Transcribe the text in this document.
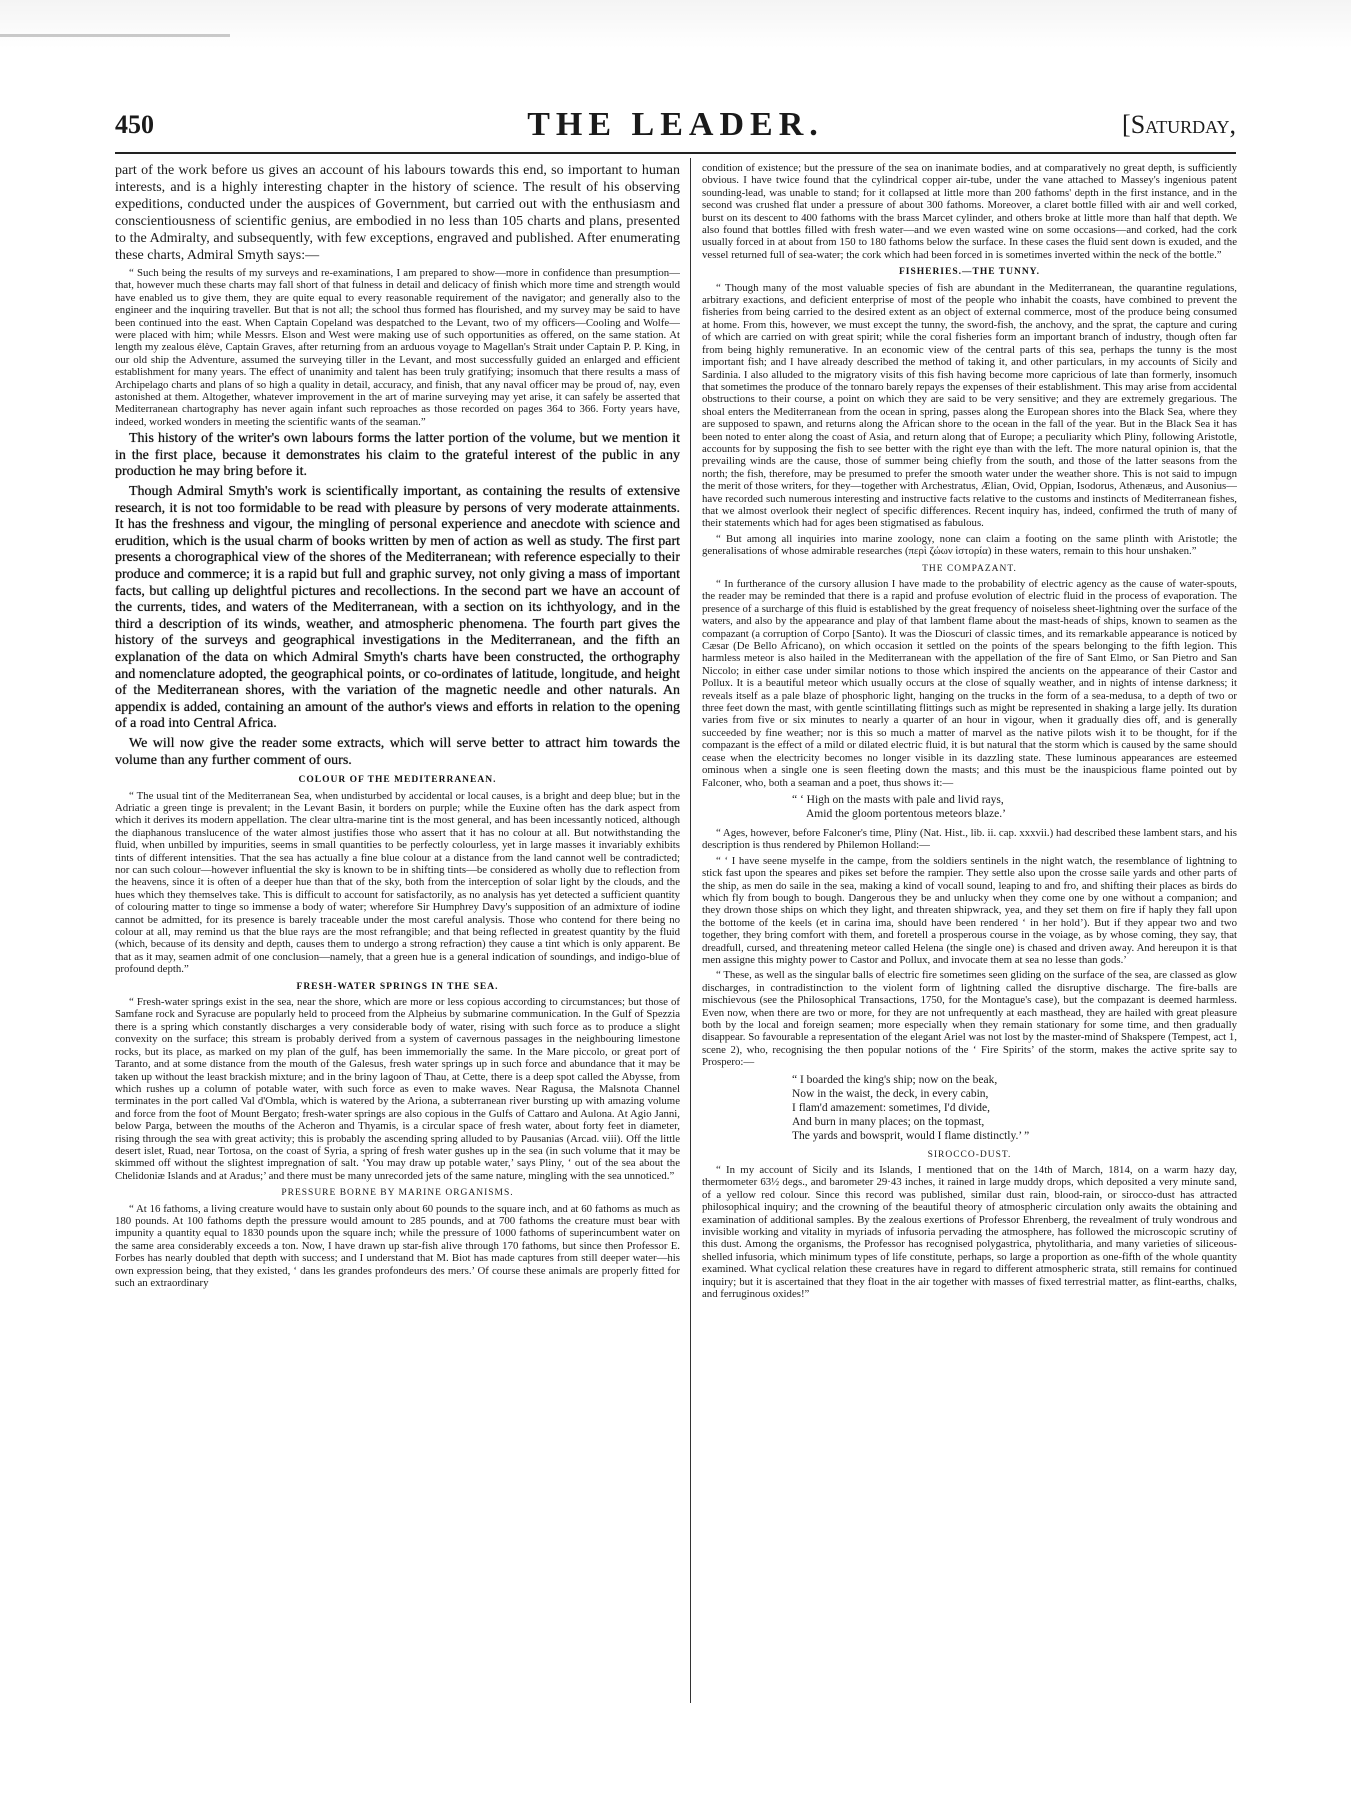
450	THE LEADER.	[Saturday,

part of the work before us gives an account of his labours towards this end, so important to human interests, and is a highly interesting chapter in the history of science. The result of his observing expeditions, conducted under the auspices of Government, but carried out with the enthusiasm and conscientiousness of scientific genius, are embodied in no less than 105 charts and plans, presented to the Admiralty, and subsequently, with few exceptions, engraved and published. After enumerating these charts, Admiral Smyth says:—

“ Such being the results of my surveys and re-examinations, I am prepared to show—more in confidence than presumption—that, however much these charts may fall short of that fulness in detail and delicacy of finish which more time and strength would have enabled us to give them, they are quite equal to every reasonable requirement of the navigator; and generally also to the engineer and the inquiring traveller. But that is not all; the school thus formed has flourished, and my survey may be said to have been continued into the east. When Captain Copeland was despatched to the Levant, two of my officers—Cooling and Wolfe—were placed with him; while Messrs. Elson and West were making use of such opportunities as offered, on the same station. At length my zealous élève, Captain Graves, after returning from an arduous voyage to Magellan's Strait under Captain P. P. King, in our old ship the Adventure, assumed the surveying tiller in the Levant, and most successfully guided an enlarged and efficient establishment for many years. The effect of unanimity and talent has been truly gratifying; insomuch that there results a mass of Archipelago charts and plans of so high a quality in detail, accuracy, and finish, that any naval officer may be proud of, nay, even astonished at them. Altogether, whatever improvement in the art of marine surveying may yet arise, it can safely be asserted that Mediterranean chartography has never again infant such reproaches as those recorded on pages 364 to 366. Forty years have, indeed, worked wonders in meeting the scientific wants of the seaman.”

This history of the writer's own labours forms the latter portion of the volume, but we mention it in the first place, because it demonstrates his claim to the grateful interest of the public in any production he may bring before it.

Though Admiral Smyth's work is scientifically important, as containing the results of extensive research, it is not too formidable to be read with pleasure by persons of very moderate attainments. It has the freshness and vigour, the mingling of personal experience and anecdote with science and erudition, which is the usual charm of books written by men of action as well as study. The first part presents a chorographical view of the shores of the Mediterranean; with reference especially to their produce and commerce; it is a rapid but full and graphic survey, not only giving a mass of important facts, but calling up delightful pictures and recollections. In the second part we have an account of the currents, tides, and waters of the Mediterranean, with a section on its ichthyology, and in the third a description of its winds, weather, and atmospheric phenomena. The fourth part gives the history of the surveys and geographical investigations in the Mediterranean, and the fifth an explanation of the data on which Admiral Smyth's charts have been constructed, the orthography and nomenclature adopted, the geographical points, or co-ordinates of latitude, longitude, and height of the Mediterranean shores, with the variation of the magnetic needle and other naturals. An appendix is added, containing an amount of the author's views and efforts in relation to the opening of a road into Central Africa.

We will now give the reader some extracts, which will serve better to attract him towards the volume than any further comment of ours.

COLOUR OF THE MEDITERRANEAN.

“ The usual tint of the Mediterranean Sea, when undisturbed by accidental or local causes, is a bright and deep blue; but in the Adriatic a green tinge is prevalent; in the Levant Basin, it borders on purple; while the Euxine often has the dark aspect from which it derives its modern appellation. The clear ultra-marine tint is the most general, and has been incessantly noticed, although the diaphanous translucence of the water almost justifies those who assert that it has no colour at all. But notwithstanding the fluid, when unbilled by impurities, seems in small quantities to be perfectly colourless, yet in large masses it invariably exhibits tints of different intensities. That the sea has actually a fine blue colour at a distance from the land cannot well be contradicted; nor can such colour—however influential the sky is known to be in shifting tints—be considered as wholly due to reflection from the heavens, since it is often of a deeper hue than that of the sky, both from the interception of solar light by the clouds, and the hues which they themselves take. This is difficult to account for satisfactorily, as no analysis has yet detected a sufficient quantity of colouring matter to tinge so immense a body of water; wherefore Sir Humphrey Davy's supposition of an admixture of iodine cannot be admitted, for its presence is barely traceable under the most careful analysis. Those who contend for there being no colour at all, may remind us that the blue rays are the most refrangible; and that being reflected in greatest quantity by the fluid (which, because of its density and depth, causes them to undergo a strong refraction) they cause a tint which is only apparent. Be that as it may, seamen admit of one conclusion—namely, that a green hue is a general indication of soundings, and indigo-blue of profound depth.”

FRESH-WATER SPRINGS IN THE SEA.

“ Fresh-water springs exist in the sea, near the shore, which are more or less copious according to circumstances; but those of Samfane rock and Syracuse are popularly held to proceed from the Alpheius by submarine communication. In the Gulf of Spezzia there is a spring which constantly discharges a very considerable body of water, rising with such force as to produce a slight convexity on the surface; this stream is probably derived from a system of cavernous passages in the neighbouring limestone rocks, but its place, as marked on my plan of the gulf, has been immemorially the same. In the Mare piccolo, or great port of Taranto, and at some distance from the mouth of the Galesus, fresh water springs up in such force and abundance that it may be taken up without the least brackish mixture; and in the briny lagoon of Thau, at Cette, there is a deep spot called the Abysse, from which rushes up a column of potable water, with such force as even to make waves. Near Ragusa, the Malsnota Channel terminates in the port called Val d'Ombla, which is watered by the Ariona, a subterranean river bursting up with amazing volume and force from the foot of Mount Bergato; fresh-water springs are also copious in the Gulfs of Cattaro and Aulona. At Agio Janni, below Parga, between the mouths of the Acheron and Thyamis, is a circular space of fresh water, about forty feet in diameter, rising through the sea with great activity; this is probably the ascending spring alluded to by Pausanias (Arcad. viii). Off the little desert islet, Ruad, near Tortosa, on the coast of Syria, a spring of fresh water gushes up in the sea (in such volume that it may be skimmed off without the slightest impregnation of salt. ‘You may draw up potable water,’ says Pliny, ‘ out of the sea about the Chelidoniæ Islands and at Aradus;’ and there must be many unrecorded jets of the same nature, mingling with the sea unnoticed.”

PRESSURE BORNE BY MARINE ORGANISMS.

“ At 16 fathoms, a living creature would have to sustain only about 60 pounds to the square inch, and at 60 fathoms as much as 180 pounds. At 100 fathoms depth the pressure would amount to 285 pounds, and at 700 fathoms the creature must bear with impunity a quantity equal to 1830 pounds upon the square inch; while the pressure of 1000 fathoms of superincumbent water on the same area considerably exceeds a ton. Now, I have drawn up star-fish alive through 170 fathoms, but since then Professor E. Forbes has nearly doubled that depth with success; and I understand that M. Biot has made captures from still deeper water—his own expression being, that they existed, ‘ dans les grandes profondeurs des mers.’ Of course these animals are properly fitted for such an extraordinary

condition of existence; but the pressure of the sea on inanimate bodies, and at comparatively no great depth, is sufficiently obvious. I have twice found that the cylindrical copper air-tube, under the vane attached to Massey's ingenious patent sounding-lead, was unable to stand; for it collapsed at little more than 200 fathoms' depth in the first instance, and in the second was crushed flat under a pressure of about 300 fathoms. Moreover, a claret bottle filled with air and well corked, burst on its descent to 400 fathoms with the brass Marcet cylinder, and others broke at little more than half that depth. We also found that bottles filled with fresh water—and we even wasted wine on some occasions—and corked, had the cork usually forced in at about from 150 to 180 fathoms below the surface. In these cases the fluid sent down is exuded, and the vessel returned full of sea-water; the cork which had been forced in is sometimes inverted within the neck of the bottle.”

FISHERIES.—THE TUNNY.

“ Though many of the most valuable species of fish are abundant in the Mediterranean, the quarantine regulations, arbitrary exactions, and deficient enterprise of most of the people who inhabit the coasts, have combined to prevent the fisheries from being carried to the desired extent as an object of external commerce, most of the produce being consumed at home. From this, however, we must except the tunny, the sword-fish, the anchovy, and the sprat, the capture and curing of which are carried on with great spirit; while the coral fisheries form an important branch of industry, though often far from being highly remunerative. In an economic view of the central parts of this sea, perhaps the tunny is the most important fish; and I have already described the method of taking it, and other particulars, in my accounts of Sicily and Sardinia. I also alluded to the migratory visits of this fish having become more capricious of late than formerly, insomuch that sometimes the produce of the tonnaro barely repays the expenses of their establishment. This may arise from accidental obstructions to their course, a point on which they are said to be very sensitive; and they are extremely gregarious. The shoal enters the Mediterranean from the ocean in spring, passes along the European shores into the Black Sea, where they are supposed to spawn, and returns along the African shore to the ocean in the fall of the year. But in the Black Sea it has been noted to enter along the coast of Asia, and return along that of Europe; a peculiarity which Pliny, following Aristotle, accounts for by supposing the fish to see better with the right eye than with the left. The more natural opinion is, that the prevailing winds are the cause, those of summer being chiefly from the south, and those of the latter seasons from the north; the fish, therefore, may be presumed to prefer the smooth water under the weather shore. This is not said to impugn the merit of those writers, for they—together with Archestratus, Ælian, Ovid, Oppian, Isodorus, Athenæus, and Ausonius—have recorded such numerous interesting and instructive facts relative to the customs and instincts of Mediterranean fishes, that we almost overlook their neglect of specific differences. Recent inquiry has, indeed, confirmed the truth of many of their statements which had for ages been stigmatised as fabulous.

“ But among all inquiries into marine zoology, none can claim a footing on the same plinth with Aristotle; the generalisations of whose admirable researches (περὶ ζώων ἱστορία) in these waters, remain to this hour unshaken.”

THE COMPAZANT.

“ In furtherance of the cursory allusion I have made to the probability of electric agency as the cause of water-spouts, the reader may be reminded that there is a rapid and profuse evolution of electric fluid in the process of evaporation. The presence of a surcharge of this fluid is established by the great frequency of noiseless sheet-lightning over the surface of the waters, and also by the appearance and play of that lambent flame about the mast-heads of ships, known to seamen as the compazant (a corruption of Corpo [Santo). It was the Dioscuri of classic times, and its remarkable appearance is noticed by Cæsar (De Bello Africano), on which occasion it settled on the points of the spears belonging to the fifth legion. This harmless meteor is also hailed in the Mediterranean with the appellation of the fire of Sant Elmo, or San Pietro and San Niccolo; in either case under similar notions to those which inspired the ancients on the appearance of their Castor and Pollux. It is a beautiful meteor which usually occurs at the close of squally weather, and in nights of intense darkness; it reveals itself as a pale blaze of phosphoric light, hanging on the trucks in the form of a sea-medusa, to a depth of two or three feet down the mast, with gentle scintillating flittings such as might be represented in shaking a large jelly. Its duration varies from five or six minutes to nearly a quarter of an hour in vigour, when it gradually dies off, and is generally succeeded by fine weather; nor is this so much a matter of marvel as the native pilots wish it to be thought, for if the compazant is the effect of a mild or dilated electric fluid, it is but natural that the storm which is caused by the same should cease when the electricity becomes no longer visible in its dazzling state. These luminous appearances are esteemed ominous when a single one is seen fleeting down the masts; and this must be the inauspicious flame pointed out by Falconer, who, both a seaman and a poet, thus shows it:—

“ ‘ High on the masts with pale and livid rays,
Amid the gloom portentous meteors blaze.’

“ Ages, however, before Falconer's time, Pliny (Nat. Hist., lib. ii. cap. xxxvii.) had described these lambent stars, and his description is thus rendered by Philemon Holland:—

“ ‘ I have seene myselfe in the campe, from the soldiers sentinels in the night watch, the resemblance of lightning to stick fast upon the speares and pikes set before the rampier. They settle also upon the crosse saile yards and other parts of the ship, as men do saile in the sea, making a kind of vocall sound, leaping to and fro, and shifting their places as birds do which fly from bough to bough. Dangerous they be and unlucky when they come one by one without a companion; and they drown those ships on which they light, and threaten shipwrack, yea, and they set them on fire if haply they fall upon the bottome of the keels (et in carina ima, should have been rendered ‘ in her hold’). But if they appear two and two together, they bring comfort with them, and foretell a prosperous course in the voiage, as by whose coming, they say, that dreadfull, cursed, and threatening meteor called Helena (the single one) is chased and driven away. And hereupon it is that men assigne this mighty power to Castor and Pollux, and invocate them at sea no lesse than gods.’

“ These, as well as the singular balls of electric fire sometimes seen gliding on the surface of the sea, are classed as glow discharges, in contradistinction to the violent form of lightning called the disruptive discharge. The fire-balls are mischievous (see the Philosophical Transactions, 1750, for the Montague's case), but the compazant is deemed harmless. Even now, when there are two or more, for they are not unfrequently at each masthead, they are hailed with great pleasure both by the local and foreign seamen; more especially when they remain stationary for some time, and then gradually disappear. So favourable a representation of the elegant Ariel was not lost by the master-mind of Shakspere (Tempest, act 1, scene 2), who, recognising the then popular notions of the ‘ Fire Spirits’ of the storm, makes the active sprite say to Prospero:—

“ I boarded the king's ship; now on the beak,
Now in the waist, the deck, in every cabin,
I flam'd amazement: sometimes, I'd divide,
And burn in many places; on the topmast,
The yards and bowsprit, would I flame distinctly.’ ”
SIROCCO-DUST.

“ In my account of Sicily and its Islands, I mentioned that on the 14th of March, 1814, on a warm hazy day, thermometer 63½ degs., and barometer 29·43 inches, it rained in large muddy drops, which deposited a very minute sand, of a yellow red colour. Since this record was published, similar dust rain, blood-rain, or sirocco-dust has attracted philosophical inquiry; and the crowning of the beautiful theory of atmospheric circulation only awaits the obtaining and examination of additional samples. By the zealous exertions of Professor Ehrenberg, the revealment of truly wondrous and invisible working and vitality in myriads of infusoria pervading the atmosphere, has followed the microscopic scrutiny of this dust. Among the organisms, the Professor has recognised polygastrica, phytolitharia, and many varieties of siliceous-shelled infusoria, which minimum types of life constitute, perhaps, so large a proportion as one-fifth of the whole quantity examined. What cyclical relation these creatures have in regard to different atmospheric strata, still remains for continued inquiry; but it is ascertained that they float in the air together with masses of fixed terrestrial matter, as flint-earths, chalks, and ferruginous oxides!”
